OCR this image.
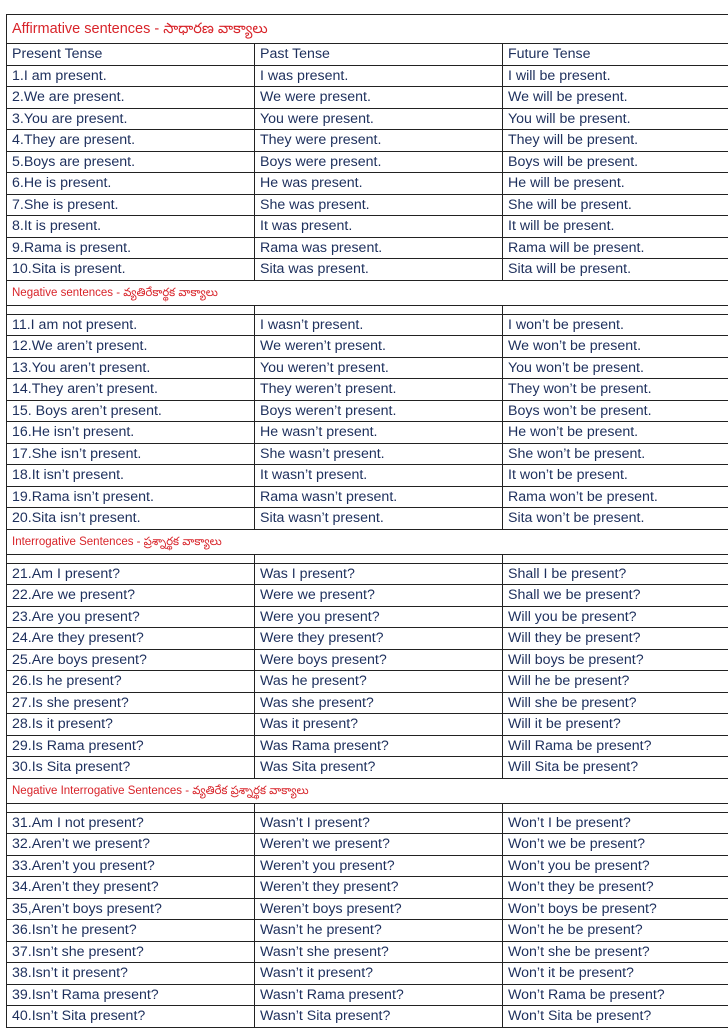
Affirmative sentences - సాధారణ వాక్యాలు		
Present Tense	Past Tense	Future Tense
1.I am present.	I was present.	I will be present.
2.We are present.	We were present.	We will be present.
3.You are present.	You were present.	You will be present.
4.They are present.	They were present.	They will be present.
5.Boys are present.	Boys were present.	Boys will be present.
6.He is present.	He was present.	He will be present.
7.She is present.	She was present.	She will be present.
8.It is present.	It was present.	It will be present.
9.Rama is present.	Rama was present.	Rama will be present.
10.Sita is present.	Sita was present.	Sita will be present.
Negative sentences - వ్యతిరేకార్థక వాక్యాలు		

11.I am not present.	I wasn’t present.	I won’t be present.
12.We aren’t present.	We weren’t present.	We won’t be present.
13.You aren’t present.	You weren’t present.	You won’t be present.
14.They aren’t present.	They weren’t present.	They won’t be present.
15. Boys aren’t present.	Boys weren’t present.	Boys won’t be present.
16.He isn’t present.	He wasn’t present.	He won’t be present.
17.She isn’t present.	She wasn’t present.	She won’t be present.
18.It isn’t present.	It wasn’t present.	It won’t be present.
19.Rama isn’t present.	Rama wasn’t present.	Rama won’t be present.
20.Sita isn’t present.	Sita wasn’t present.	Sita won’t be present.
Interrogative Sentences - ప్రశ్నార్థక వాక్యాలు		

21.Am I present?	Was I present?	Shall I be present?
22.Are we present?	Were we present?	Shall we be present?
23.Are you present?	Were you present?	Will you be present?
24.Are they present?	Were they present?	Will they be present?
25.Are boys present?	Were boys present?	Will boys be present?
26.Is he present?	Was he present?	Will he be present?
27.Is she present?	Was she present?	Will she be present?
28.Is it present?	Was it present?	Will it be present?
29.Is Rama present?	Was Rama present?	Will Rama be present?
30.Is Sita present?	Was Sita present?	Will Sita be present?
Negative Interrogative Sentences - వ్యతిరేక ప్రశ్నార్థక వాక్యాలు		

31.Am I not present?	Wasn’t I present?	Won’t I be present?
32.Aren’t we present?	Weren’t we present?	Won’t we be present?
33.Aren’t you present?	Weren’t you present?	Won’t you be present?
34.Aren’t they present?	Weren’t they present?	Won’t they be present?
35,Aren’t boys present?	Weren’t boys present?	Won’t boys be present?
36.Isn’t he present?	Wasn’t he present?	Won’t he be present?
37.Isn’t she present?	Wasn’t she present?	Won’t she be present?
38.Isn’t it present?	Wasn’t it present?	Won’t it be present?
39.Isn’t Rama present?	Wasn’t Rama present?	Won’t Rama be present?
40.Isn’t Sita present?	Wasn’t Sita present?	Won’t Sita be present?
